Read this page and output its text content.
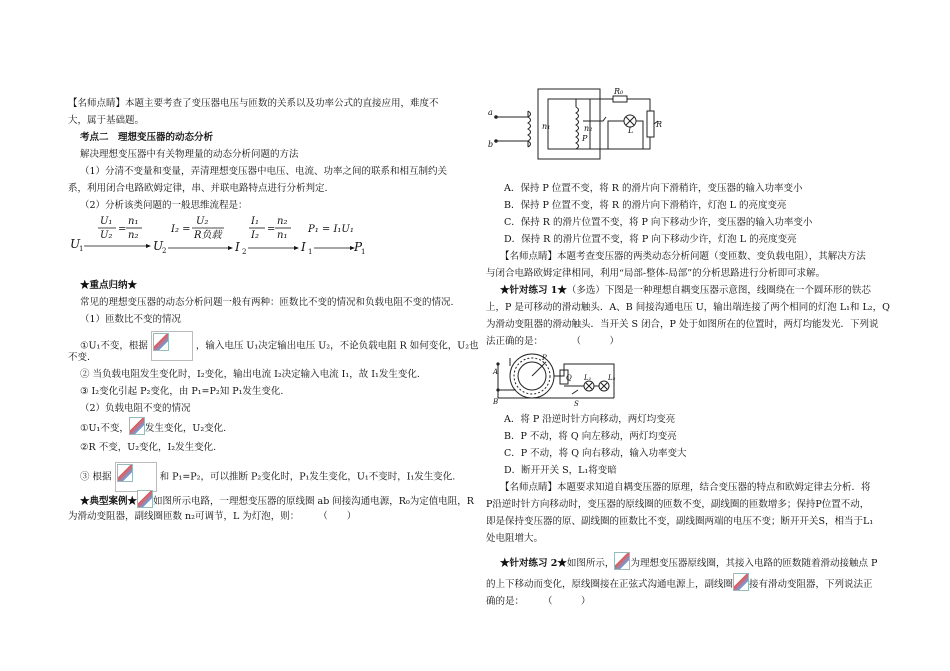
【名师点睛】本题主要考查了变压器电压与匝数的关系以及功率公式的直接应用，难度不
大，属于基础题。
考点二　理想变压器的动态分析
解决理想变压器中有关物理量的动态分析问题的方法
（1）分清不变量和变量，弄清理想变压器中电压、电流、功率之间的联系和相互制约关
系，利用闭合电路欧姆定律，串、并联电路特点进行分析判定.
（2）分析该类问题的一般思维流程是：
U
1
U₁
U₂
=
n₁
n₂
U
2
I₂ =
U₂
R负载
I 2
I₁
I₂
=
n₂
n₁
I 1
P₁ = I₁U₁
P
1
★重点归纳★
常见的理想变压器的动态分析问题一般有两种：匝数比不变的情况和负载电阻不变的情况.
（1）匝数比不变的情况
①U₁不变，根据	，输入电压 U₁决定输出电压 U₂，不论负载电阻 R 如何变化，U₂也
不变.
② 当负载电阻发生变化时，I₂变化，输出电流 I₂决定输入电流 I₁，故 I₁发生变化.
③ I₂变化引起 P₂变化，由 P₁=P₂知 P₁发生变化.
（2）负载电阻不变的情况
①U₁不变， 发生变化，U₂变化.
②R 不变，U₂变化，I₂发生变化.
③ 根据	和 P₁=P₂，可以推断 P₂变化时，P₁发生变化，U₁不变时，I₁发生变化.
★典型案例★ 如图所示电路，一理想变压器的原线圈 ab 间接沟通电源，R₀为定值电阻，R
为滑动变阻器，副线圈匝数 n₂可调节，L 为灯泡，则：　　　（　　）
a
b
n₁	n₂
P
R₀
L
R
A．保持 P 位置不变，将 R 的滑片向下滑稍许，变压器的输入功率变小
B．保持 P 位置不变，将 R 的滑片向下滑稍许，灯泡 L 的亮度变亮
C．保持 R 的滑片位置不变，将 P 向下移动少许，变压器的输入功率变小
D．保持 R 的滑片位置不变，将 P 向下移动少许，灯泡 L 的亮度变亮
【名师点睛】本题考查变压器的两类动态分析问题（变匝数、变负载电阻），其解决方法
与闭合电路欧姆定律相同，利用“局部-整体-局部”的分析思路进行分析即可求解。
★针对练习 1★（多选）下图是一种理想自耦变压器示意图，线圈绕在一个圆环形的铁芯
上，P 是可移动的滑动触头．A、B 间接沟通电压 U，输出端连接了两个相同的灯泡 L₁和 L₂，Q
为滑动变阻器的滑动触头．当开关 S 闭合，P 处于如图所在的位置时，两灯均能发光．下列说
法正确的是：　　　　（　　　）
A
B
P
Q
S
L₁ L₂
A．将 P 沿逆时针方向移动，两灯均变亮
B．P 不动，将 Q 向左移动，两灯均变亮
C．P 不动，将 Q 向右移动，输入功率变大
D．断开开关 S，L₁将变暗
【名师点睛】本题要求知道自耦变压器的原理，结合变压器的特点和欧姆定律去分析．将
P沿逆时针方向移动时，变压器的原线圈的匝数不变，副线圈的匝数增多；保持P位置不动，
即是保持变压器的原、副线圈的匝数比不变，副线圈两端的电压不变；断开开关S，相当于L₁
处电阻增大。
★针对练习 2★如图所示， 为理想变压器原线圈，其接入电路的匝数随着滑动接触点 P
的上下移动而变化，原线圈接在正弦式沟通电源上，副线圈 接有滑动变阻器，下列说法正
确的是：　　　（　　　）
